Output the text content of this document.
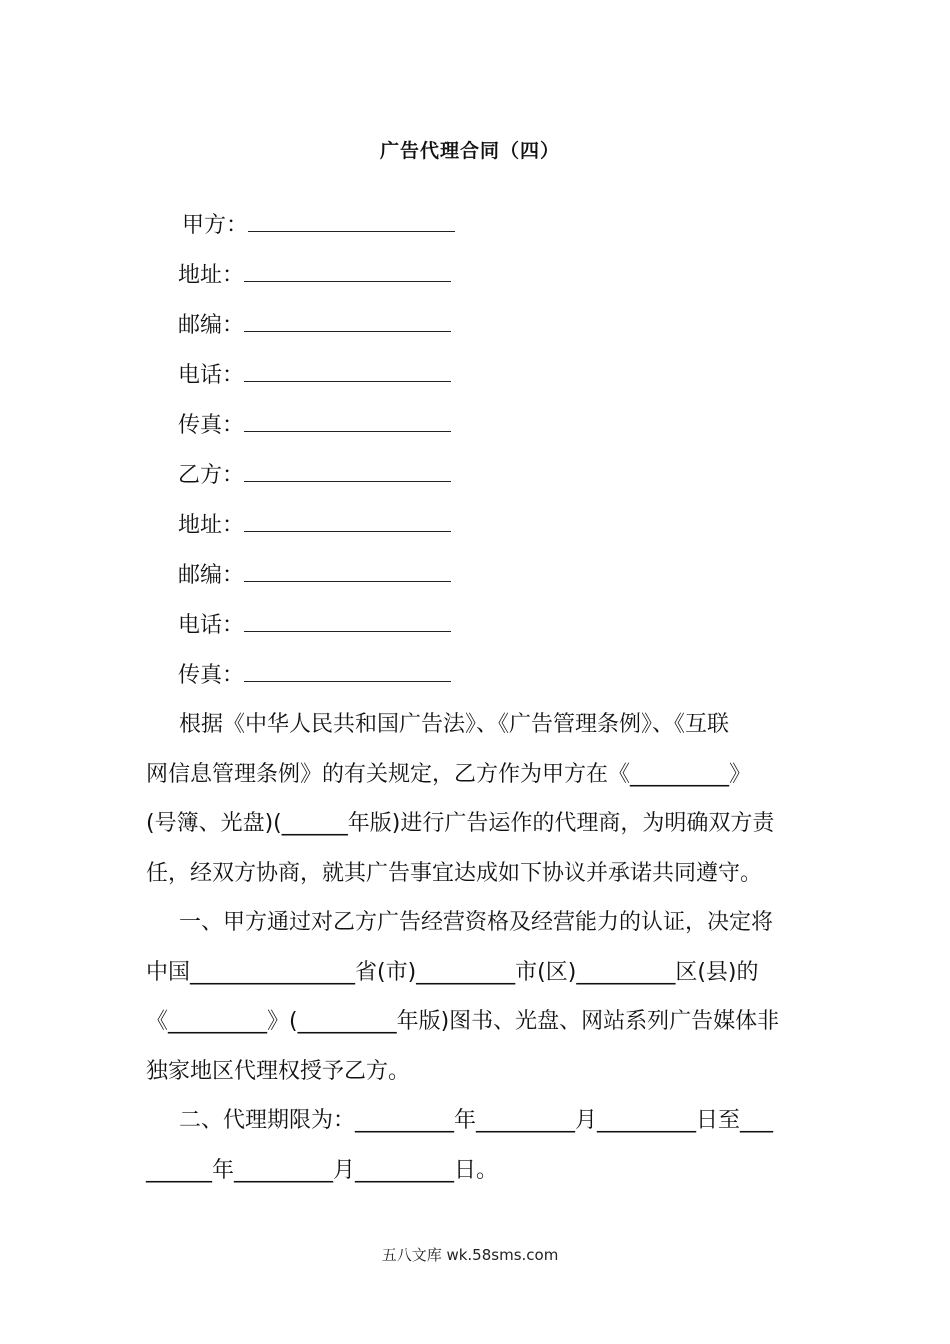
广告代理合同（四）
甲方：
地址：
邮编：
电话：
传真：
乙方：
地址：
邮编：
电话：
传真：
根据《中华人民共和国广告法》、《广告管理条例》、《互联
网信息管理条例》的有关规定，乙方作为甲方在《_________》
(号簿、光盘)(______年版)进行广告运作的代理商，为明确双方责
任，经双方协商，就其广告事宜达成如下协议并承诺共同遵守。
一、甲方通过对乙方广告经营资格及经营能力的认证，决定将
中国_______________省(市)_________市(区)_________区(县)的
《_________》(_________年版)图书、光盘、网站系列广告媒体非
独家地区代理权授予乙方。
二、代理期限为：_________年_________月_________日至___
______年_________月_________日。
五八文库 wk.58sms.com
